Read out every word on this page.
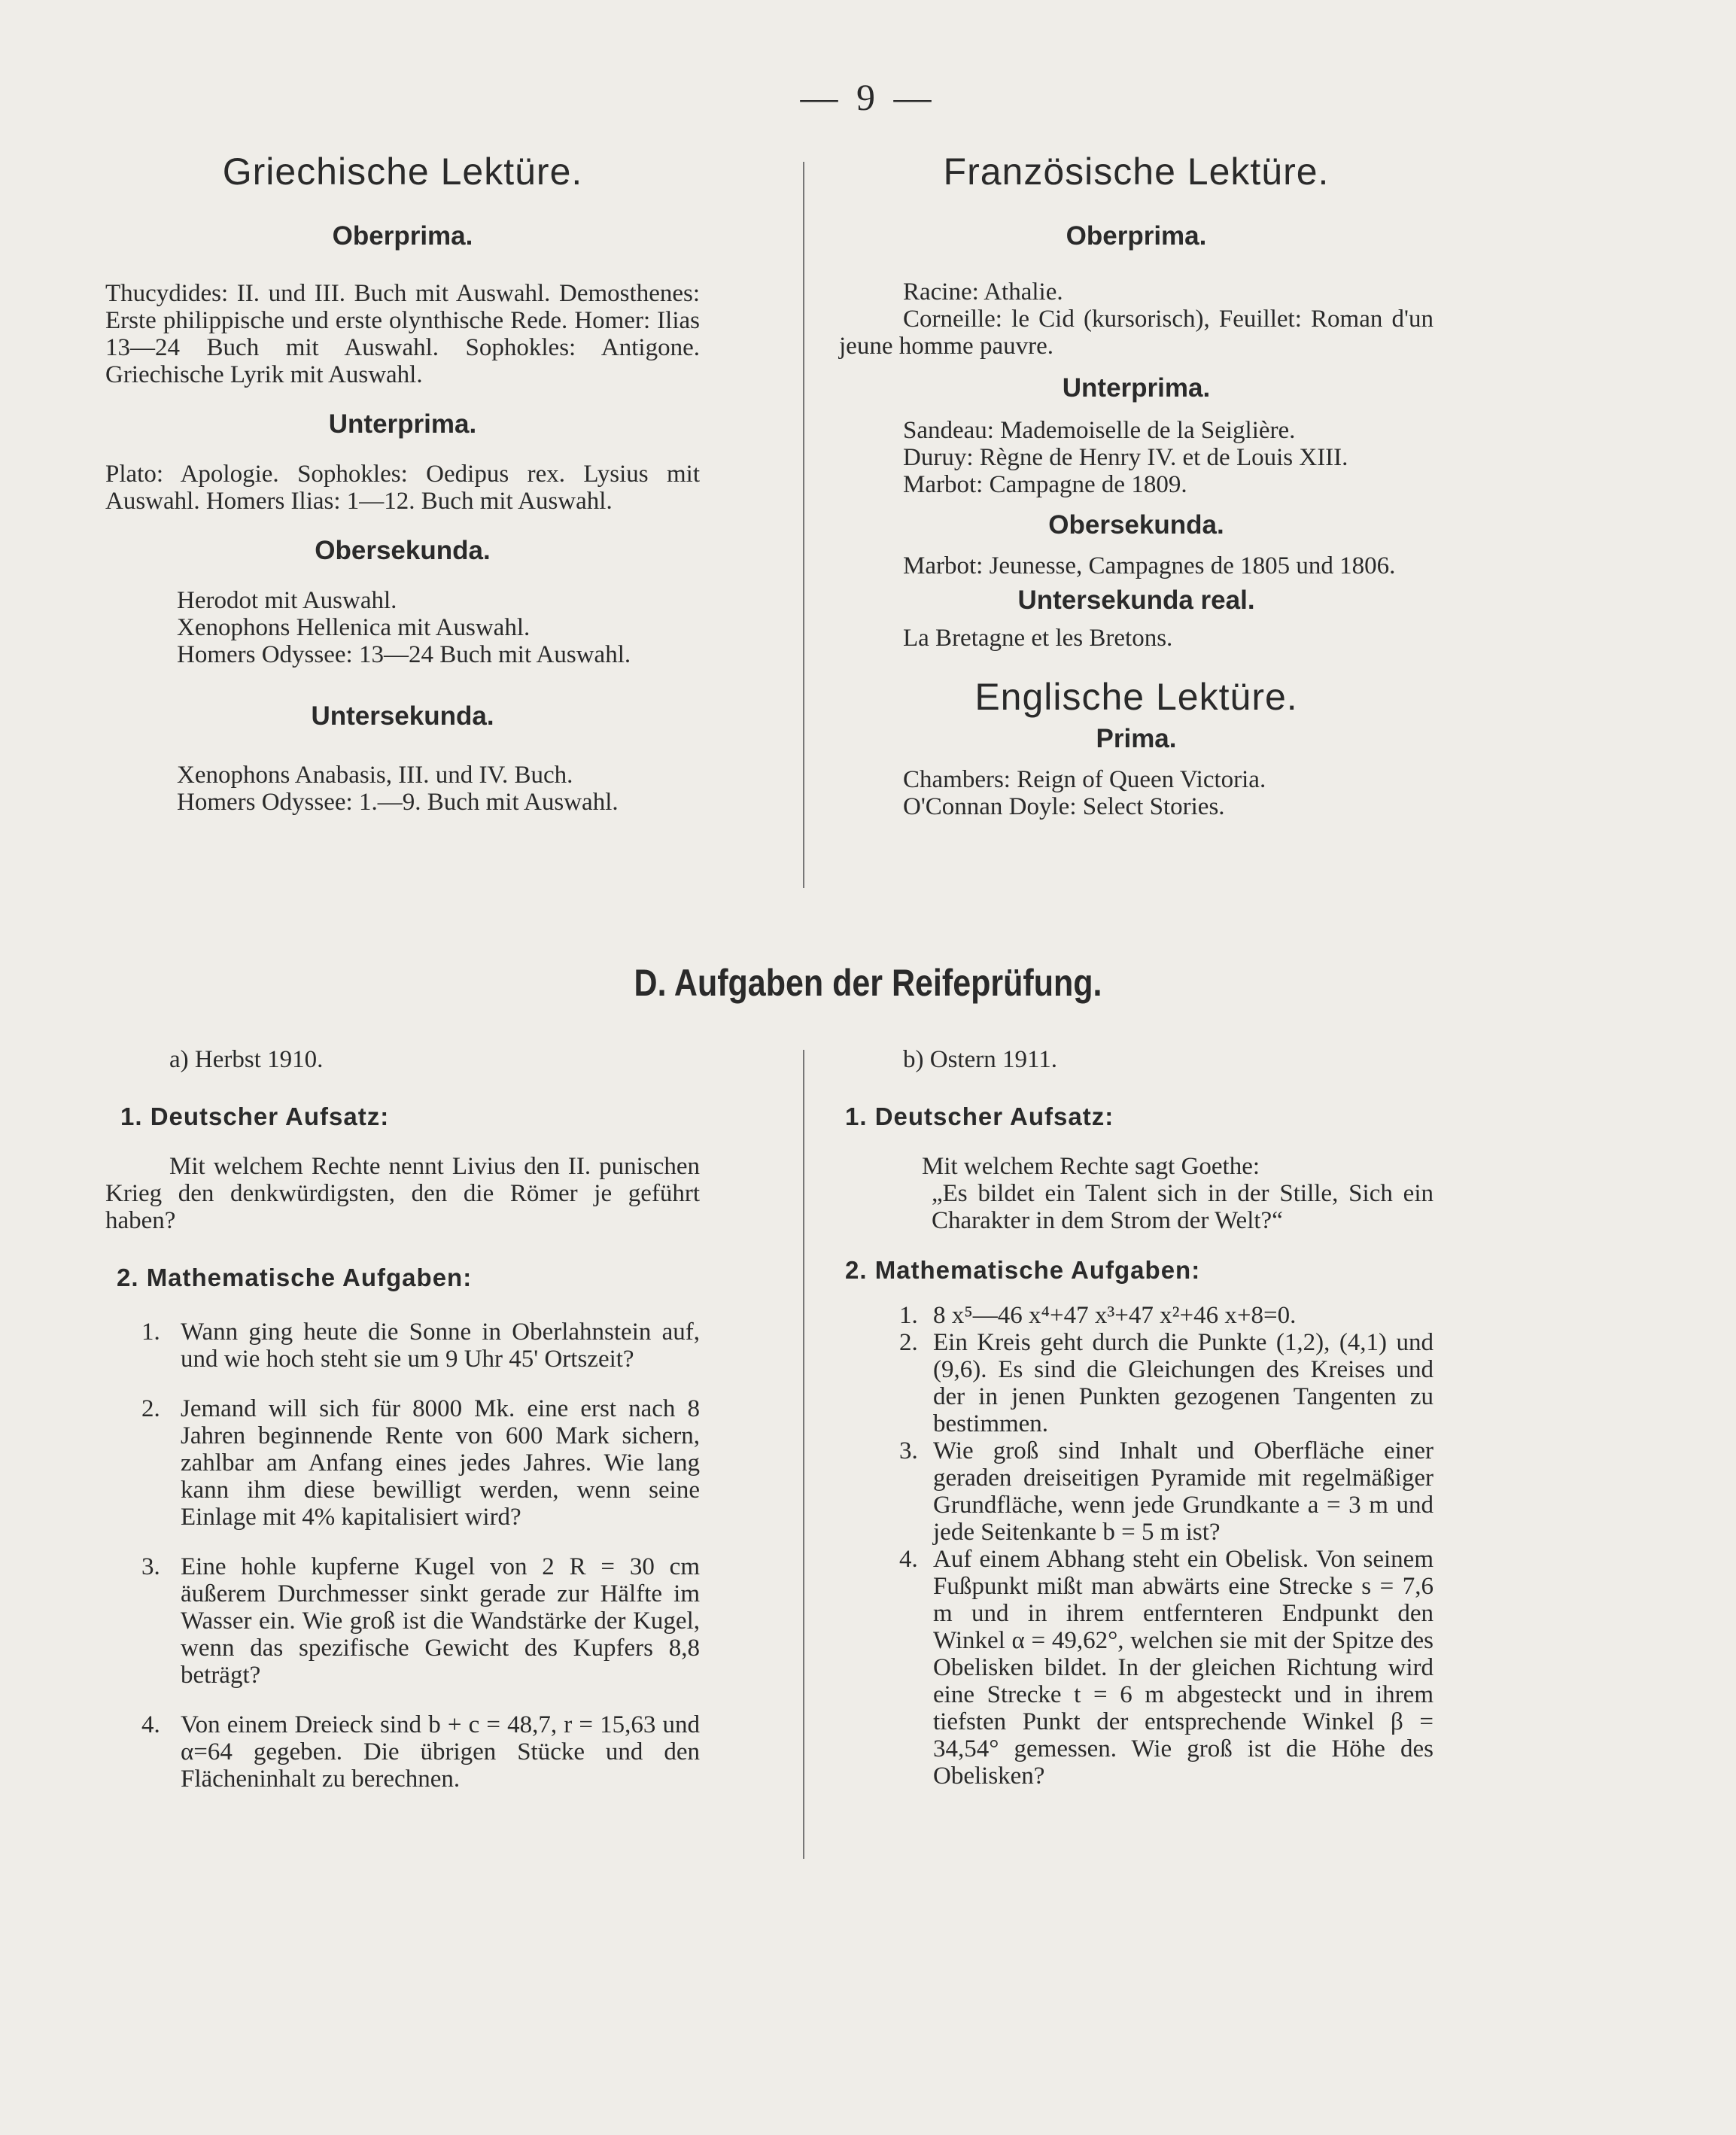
— 9 —
Griechische Lektüre.
Oberprima.

Thucydides: II. und III. Buch mit Auswahl. Demosthenes: Erste philippische und erste olynthische Rede. Homer: Ilias 13—24 Buch mit Auswahl. Sophokles: Antigone. Griechische Lyrik mit Auswahl.

Unterprima.

Plato: Apologie. Sophokles: Oedipus rex. Lysius mit Auswahl. Homers Ilias: 1—12. Buch mit Auswahl.

Obersekunda.

Herodot mit Auswahl.

Xenophons Hellenica mit Auswahl.

Homers Odyssee: 13—24 Buch mit Auswahl.

Untersekunda.

Xenophons Anabasis, III. und IV. Buch.

Homers Odyssee: 1.—9. Buch mit Auswahl.

Französische Lektüre.
Oberprima.

Racine: Athalie.

Corneille: le Cid (kursorisch), Feuillet: Roman d'un jeune homme pauvre.

Unterprima.

Sandeau: Mademoiselle de la Seiglière.

Duruy: Règne de Henry IV. et de Louis XIII.

Marbot: Campagne de 1809.

Obersekunda.

Marbot: Jeunesse, Campagnes de 1805 und 1806.

Untersekunda real.

La Bretagne et les Bretons.

Englische Lektüre.
Prima.

Chambers: Reign of Queen Victoria.

O'Connan Doyle: Select Stories.

D. Aufgaben der Reifeprüfung.

a) Herbst 1910.

1. Deutscher Aufsatz:

Mit welchem Rechte nennt Livius den II. punischen Krieg den denkwürdigsten, den die Römer je geführt haben?

2. Mathematische Aufgaben:

1. Wann ging heute die Sonne in Oberlahnstein auf, und wie hoch steht sie um 9 Uhr 45' Ortszeit?
2. Jemand will sich für 8000 Mk. eine erst nach 8 Jahren beginnende Rente von 600 Mark sichern, zahlbar am Anfang eines jedes Jahres. Wie lang kann ihm diese bewilligt werden, wenn seine Einlage mit 4% kapitalisiert wird?
3. Eine hohle kupferne Kugel von 2 R = 30 cm äußerem Durchmesser sinkt gerade zur Hälfte im Wasser ein. Wie groß ist die Wandstärke der Kugel, wenn das spezifische Gewicht des Kupfers 8,8 beträgt?
4. Von einem Dreieck sind b + c = 48,7, r = 15,63 und α=64 gegeben. Die übrigen Stücke und den Flächeninhalt zu berechnen.

b) Ostern 1911.

1. Deutscher Aufsatz:

Mit welchem Rechte sagt Goethe:

„Es bildet ein Talent sich in der Stille, Sich ein Charakter in dem Strom der Welt?“

2. Mathematische Aufgaben:

1. 8 x⁵—46 x⁴+47 x³+47 x²+46 x+8=0.
2. Ein Kreis geht durch die Punkte (1,2), (4,1) und (9,6). Es sind die Gleichungen des Kreises und der in jenen Punkten gezogenen Tangenten zu bestimmen.
3. Wie groß sind Inhalt und Oberfläche einer geraden dreiseitigen Pyramide mit regelmäßiger Grundfläche, wenn jede Grundkante a = 3 m und jede Seitenkante b = 5 m ist?
4. Auf einem Abhang steht ein Obelisk. Von seinem Fußpunkt mißt man abwärts eine Strecke s = 7,6 m und in ihrem entfernteren Endpunkt den Winkel α = 49,62°, welchen sie mit der Spitze des Obelisken bildet. In der gleichen Richtung wird eine Strecke t = 6 m abgesteckt und in ihrem tiefsten Punkt der entsprechende Winkel β = 34,54° gemessen. Wie groß ist die Höhe des Obelisken?
